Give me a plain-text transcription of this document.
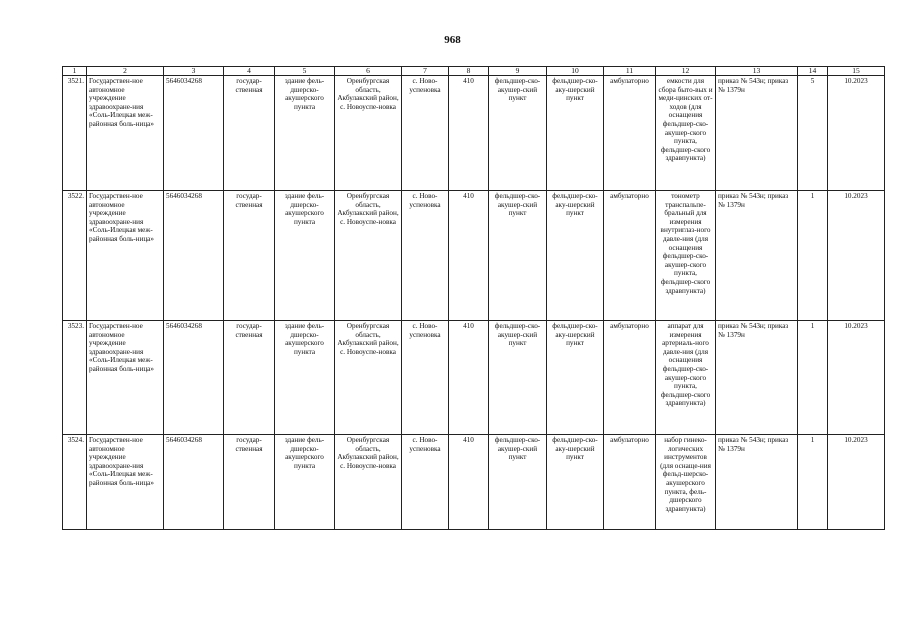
968
1	2	3	4	5	6	7	8	9	10	11	12	13	14	15
3521.	Государствен-ное автономное учреждение здравоохране-ния «Соль-Илецкая меж-районная боль-ница»	5646034268	государ-ственная	здание фель-дшерско-акушерского пункта	Оренбургская область, Акбулакский район, с. Новоуспе-новка	с. Ново-успеновка	410	фельдшер-ско-акушер-ский пункт	фельдшер-ско-аку-шерский пункт	амбулаторно	емкости для сбора быто-вых и меди-цинских от-ходов (для оснащения фельдшер-ско-акушер-ского пункта, фельдшер-ского здравпункта)	приказ № 543н; приказ № 1379н	5	10.2023
3522.	Государствен-ное автономное учреждение здравоохране-ния «Соль-Илецкая меж-районная боль-ница»	5646034268	государ-ственная	здание фель-дшерско-акушерского пункта	Оренбургская область, Акбулакский район, с. Новоуспе-новка	с. Ново-успеновка	410	фельдшер-ско-акушер-ский пункт	фельдшер-ско-аку-шерский пункт	амбулаторно	тонометр транспальпе-бральный для измерения внутриглаз-ного давле-ния (для оснащения фельдшер-ско-акушер-ского пункта, фельдшер-ского здравпункта)	приказ № 543н; приказ № 1379н	1	10.2023
3523.	Государствен-ное автономное учреждение здравоохране-ния «Соль-Илецкая меж-районная боль-ница»	5646034268	государ-ственная	здание фель-дшерско-акушерского пункта	Оренбургская область, Акбулакский район, с. Новоуспе-новка	с. Ново-успеновка	410	фельдшер-ско-акушер-ский пункт	фельдшер-ско-аку-шерский пункт	амбулаторно	аппарат для измерения артериаль-ного давле-ния (для оснащения фельдшер-ско-акушер-ского пункта, фельдшер-ского здравпункта)	приказ № 543н; приказ № 1379н	1	10.2023
3524.	Государствен-ное автономное учреждение здравоохране-ния «Соль-Илецкая меж-районная боль-ница»	5646034268	государ-ственная	здание фель-дшерско-акушерского пункта	Оренбургская область, Акбулакский район, с. Новоуспе-новка	с. Ново-успеновка	410	фельдшер-ско-акушер-ский пункт	фельдшер-ско-аку-шерский пункт	амбулаторно	набор гинеко-логических инструментов (для оснаще-ния фельд-шерско-акушерского пункта, фель-дшерского здравпункта)	приказ № 543н; приказ № 1379н	1	10.2023
